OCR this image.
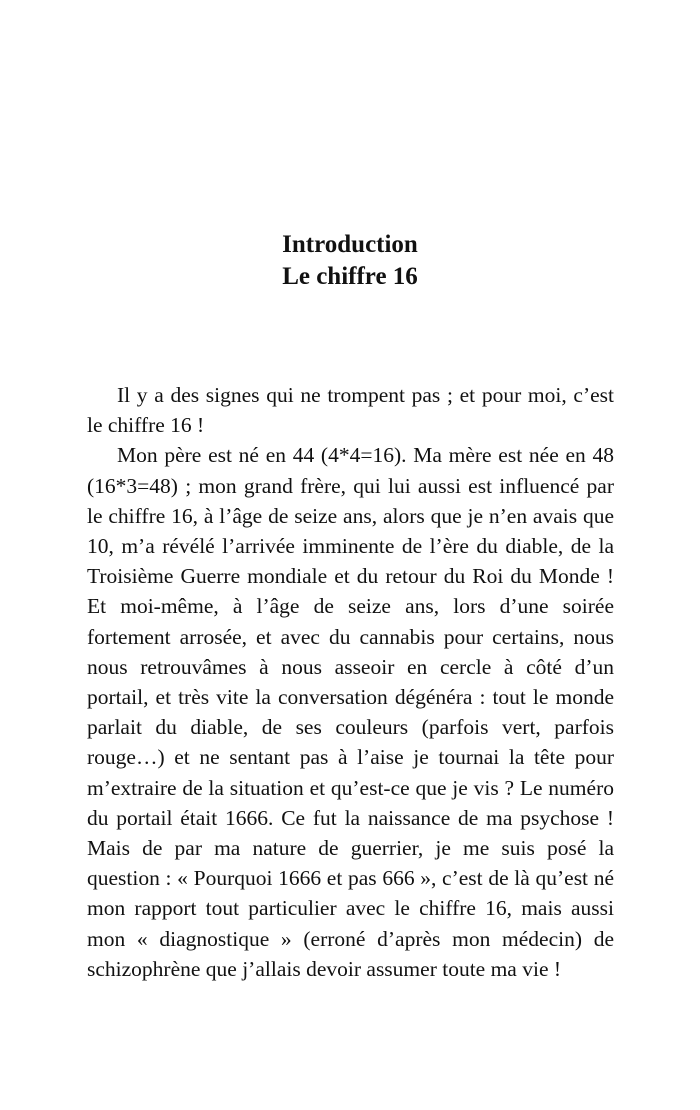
Introduction
Le chiffre 16

Il y a des signes qui ne trompent pas ; et pour moi, c’est le chiffre 16 !

Mon père est né en 44 (4*4=16). Ma mère est née en 48 (16*3=48) ; mon grand frère, qui lui aussi est influencé par le chiffre 16, à l’âge de seize ans, alors que je n’en avais que 10, m’a révélé l’arrivée imminente de l’ère du diable, de la Troisième Guerre mondiale et du retour du Roi du Monde ! Et moi-même, à l’âge de seize ans, lors d’une soirée fortement arrosée, et avec du cannabis pour certains, nous nous retrouvâmes à nous asseoir en cercle à côté d’un portail, et très vite la conversation dégénéra : tout le monde parlait du diable, de ses couleurs (parfois vert, parfois rouge…) et ne sentant pas à l’aise je tournai la tête pour m’extraire de la situation et qu’est-ce que je vis ? Le numéro du portail était 1666. Ce fut la naissance de ma psychose ! Mais de par ma nature de guerrier, je me suis posé la question : « Pourquoi 1666 et pas 666 », c’est de là qu’est né mon rapport tout particulier avec le chiffre 16, mais aussi mon « diagnostique » (erroné d’après mon médecin) de schizophrène que j’allais devoir assumer toute ma vie !
